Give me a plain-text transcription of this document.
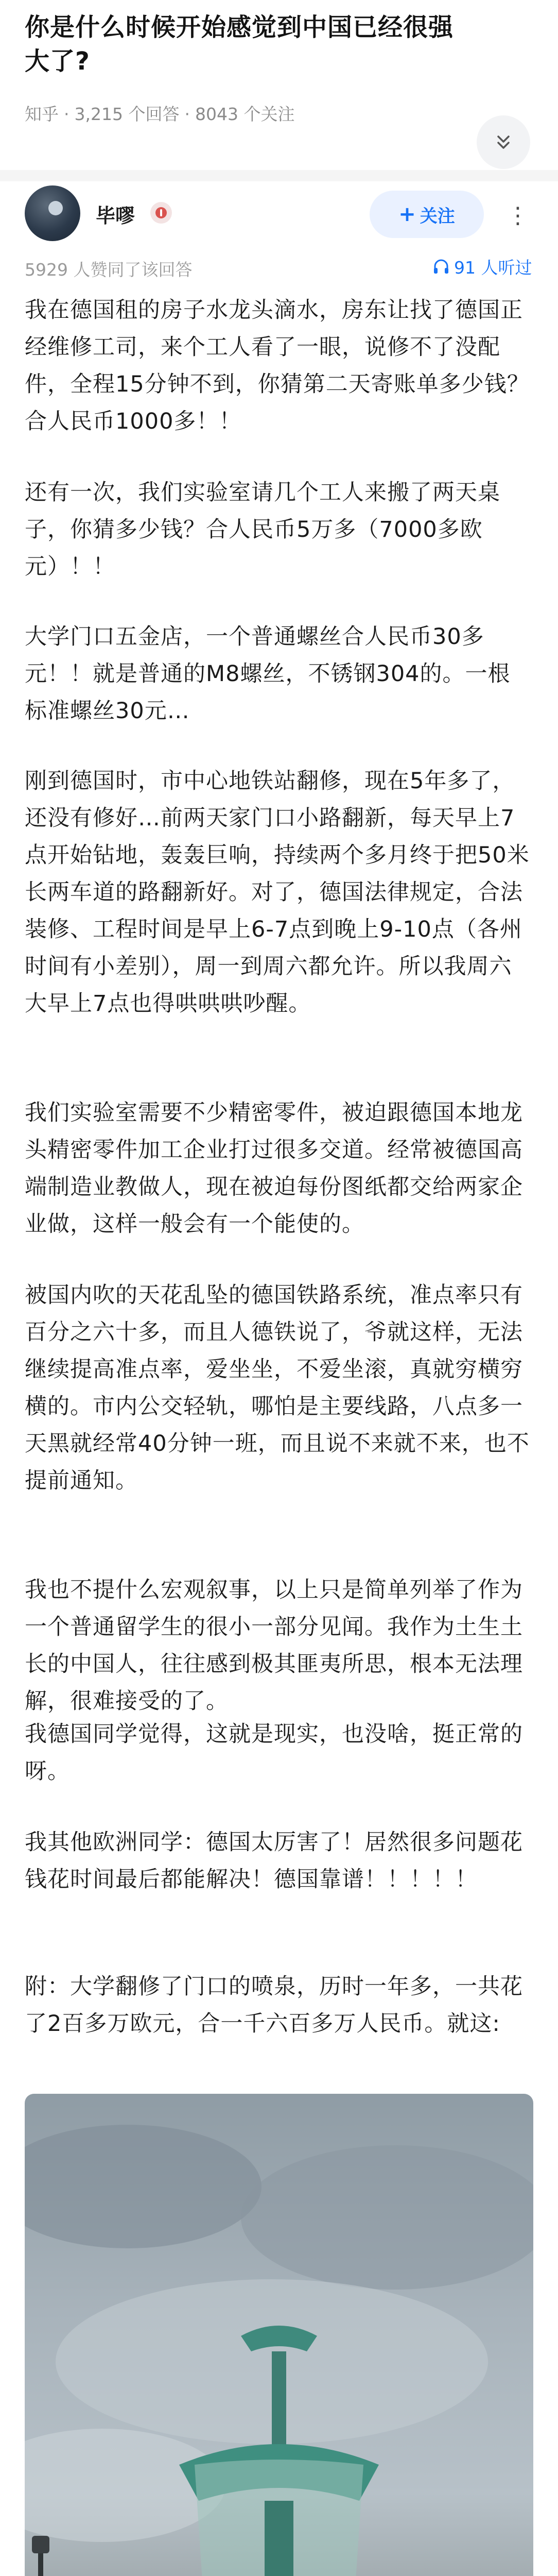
你是什么时候开始感觉到中国已经很强大了?
知乎 · 3,215 个回答 · 8043 个关注
毕嘐	+ 关注 ⋮
5929 人赞同了该回答	91 人听过
我在德国租的房子水龙头滴水，房东让找了德国正经维修工司，来个工人看了一眼，说修不了没配件，全程15分钟不到，你猜第二天寄账单多少钱？合人民币1000多！！
还有一次，我们实验室请几个工人来搬了两天桌子，你猜多少钱？合人民币5万多（7000多欧元）！！
大学门口五金店，一个普通螺丝合人民币30多元！！就是普通的M8螺丝，不锈钢304的。一根标准螺丝30元…
刚到德国时，市中心地铁站翻修，现在5年多了，还没有修好…前两天家门口小路翻新，每天早上7点开始钻地，轰轰巨响，持续两个多月终于把50米长两车道的路翻新好。对了，德国法律规定，合法装修、工程时间是早上6-7点到晚上9-10点（各州时间有小差别），周一到周六都允许。所以我周六大早上7点也得哄哄哄吵醒。
我们实验室需要不少精密零件，被迫跟德国本地龙头精密零件加工企业打过很多交道。经常被德国高端制造业教做人，现在被迫每份图纸都交给两家企业做，这样一般会有一个能使的。
被国内吹的天花乱坠的德国铁路系统，准点率只有百分之六十多，而且人德铁说了，爷就这样，无法继续提高准点率，爱坐坐，不爱坐滚，真就穷横穷横的。市内公交轻轨，哪怕是主要线路，八点多一天黑就经常40分钟一班，而且说不来就不来，也不提前通知。
我也不提什么宏观叙事，以上只是简单列举了作为一个普通留学生的很小一部分见闻。我作为土生土长的中国人，往往感到极其匪夷所思，根本无法理解，很难接受的了。
我德国同学觉得，这就是现实，也没啥，挺正常的呀。
我其他欧洲同学：德国太厉害了！居然很多问题花钱花时间最后都能解决！德国靠谱！！！！！
附：大学翻修了门口的喷泉，历时一年多，一共花了2百多万欧元，合一千六百多万人民币。就这:
